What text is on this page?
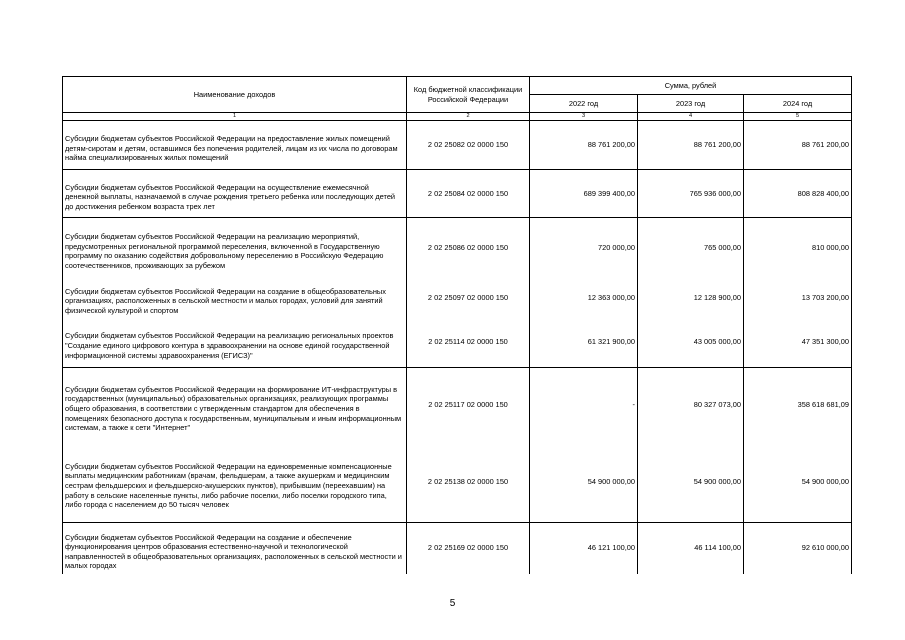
Наименование доходов	Код бюджетной классификации Российской Федерации	Сумма, рублей		
		2022 год	2023 год	2024 год
1	2	3	4	5

Субсидии бюджетам субъектов Российской Федерации на предоставление жилых помещений детям-сиротам и детям, оставшимся без попечения родителей, лицам из их числа по договорам найма специализированных жилых помещений	2 02 25082 02 0000 150	88 761 200,00	88 761 200,00	88 761 200,00

Субсидии бюджетам субъектов Российской Федерации на осуществление ежемесячной денежной выплаты, назначаемой в случае рождения третьего ребенка или последующих детей до достижения ребенком возраста трех лет	2 02 25084 02 0000 150	689 399 400,00	765 936 000,00	808 828 400,00

Субсидии бюджетам субъектов Российской Федерации на реализацию мероприятий, предусмотренных региональной программой переселения, включенной в Государственную программу по оказанию содействия добровольному переселению в Российскую Федерацию соотечественников, проживающих за рубежом	2 02 25086 02 0000 150	720 000,00	765 000,00	810 000,00

Субсидии бюджетам субъектов Российской Федерации на создание в общеобразовательных организациях, расположенных в сельской местности и малых городах, условий для занятий физической культурой и спортом	2 02 25097 02 0000 150	12 363 000,00	12 128 900,00	13 703 200,00

Субсидии бюджетам субъектов Российской Федерации на реализацию региональных проектов "Создание единого цифрового контура в здравоохранении на основе единой государственной информационной системы здравоохранения (ЕГИСЗ)"	2 02 25114 02 0000 150	61 321 900,00	43 005 000,00	47 351 300,00

Субсидии бюджетам субъектов Российской Федерации на формирование ИТ-инфраструктуры в государственных (муниципальных) образовательных организациях, реализующих программы общего образования, в соответствии с утвержденным стандартом для обеспечения в помещениях безопасного доступа к государственным, муниципальным и иным информационным системам, а также к сети "Интернет"	2 02 25117 02 0000 150	-	80 327 073,00	358 618 681,09

Субсидии бюджетам субъектов Российской Федерации на единовременные компенсационные выплаты медицинским работникам (врачам, фельдшерам, а также акушеркам и медицинским сестрам фельдшерских и фельдшерско-акушерских пунктов), прибывшим (переехавшим) на работу в сельские населенные пункты, либо рабочие поселки, либо поселки городского типа, либо города с населением до 50 тысяч человек	2 02 25138 02 0000 150	54 900 000,00	54 900 000,00	54 900 000,00

Субсидии бюджетам субъектов Российской Федерации на создание и обеспечение функционирования центров образования естественно-научной и технологической направленностей в общеобразовательных организациях, расположенных в сельской местности и малых городах	2 02 25169 02 0000 150	46 121 100,00	46 114 100,00	92 610 000,00
5
